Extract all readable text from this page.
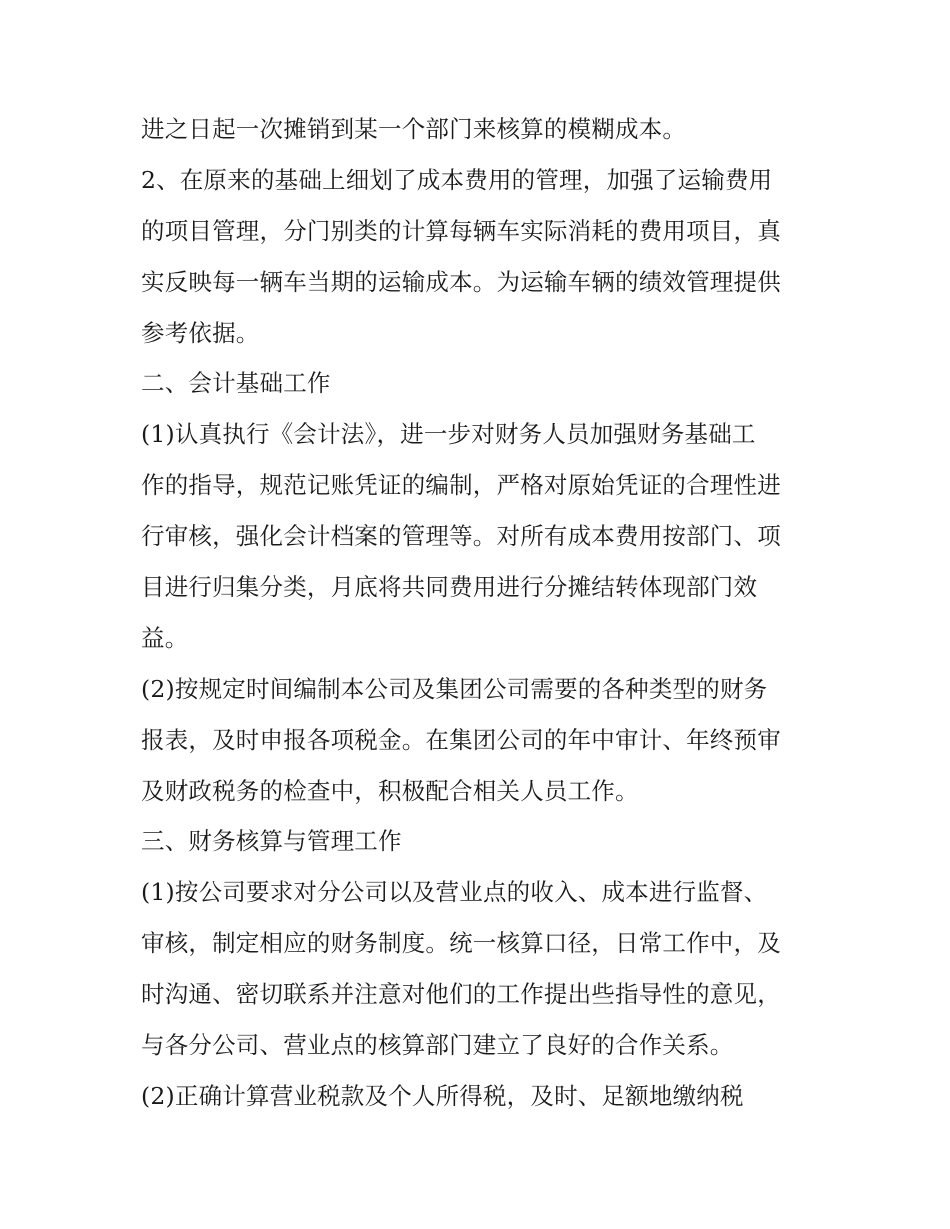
进之日起一次摊销到某一个部门来核算的模糊成本。
2、在原来的基础上细划了成本费用的管理，加强了运输费用
的项目管理，分门别类的计算每辆车实际消耗的费用项目，真
实反映每一辆车当期的运输成本。为运输车辆的绩效管理提供
参考依据。
二、会计基础工作
(1)认真执行《会计法》，进一步对财务人员加强财务基础工
作的指导，规范记账凭证的编制，严格对原始凭证的合理性进
行审核，强化会计档案的管理等。对所有成本费用按部门、项
目进行归集分类，月底将共同费用进行分摊结转体现部门效
益。
(2)按规定时间编制本公司及集团公司需要的各种类型的财务
报表，及时申报各项税金。在集团公司的年中审计、年终预审
及财政税务的检查中，积极配合相关人员工作。
三、财务核算与管理工作
(1)按公司要求对分公司以及营业点的收入、成本进行监督、
审核，制定相应的财务制度。统一核算口径，日常工作中，及
时沟通、密切联系并注意对他们的工作提出些指导性的意见，
与各分公司、营业点的核算部门建立了良好的合作关系。
(2)正确计算营业税款及个人所得税，及时、足额地缴纳税
